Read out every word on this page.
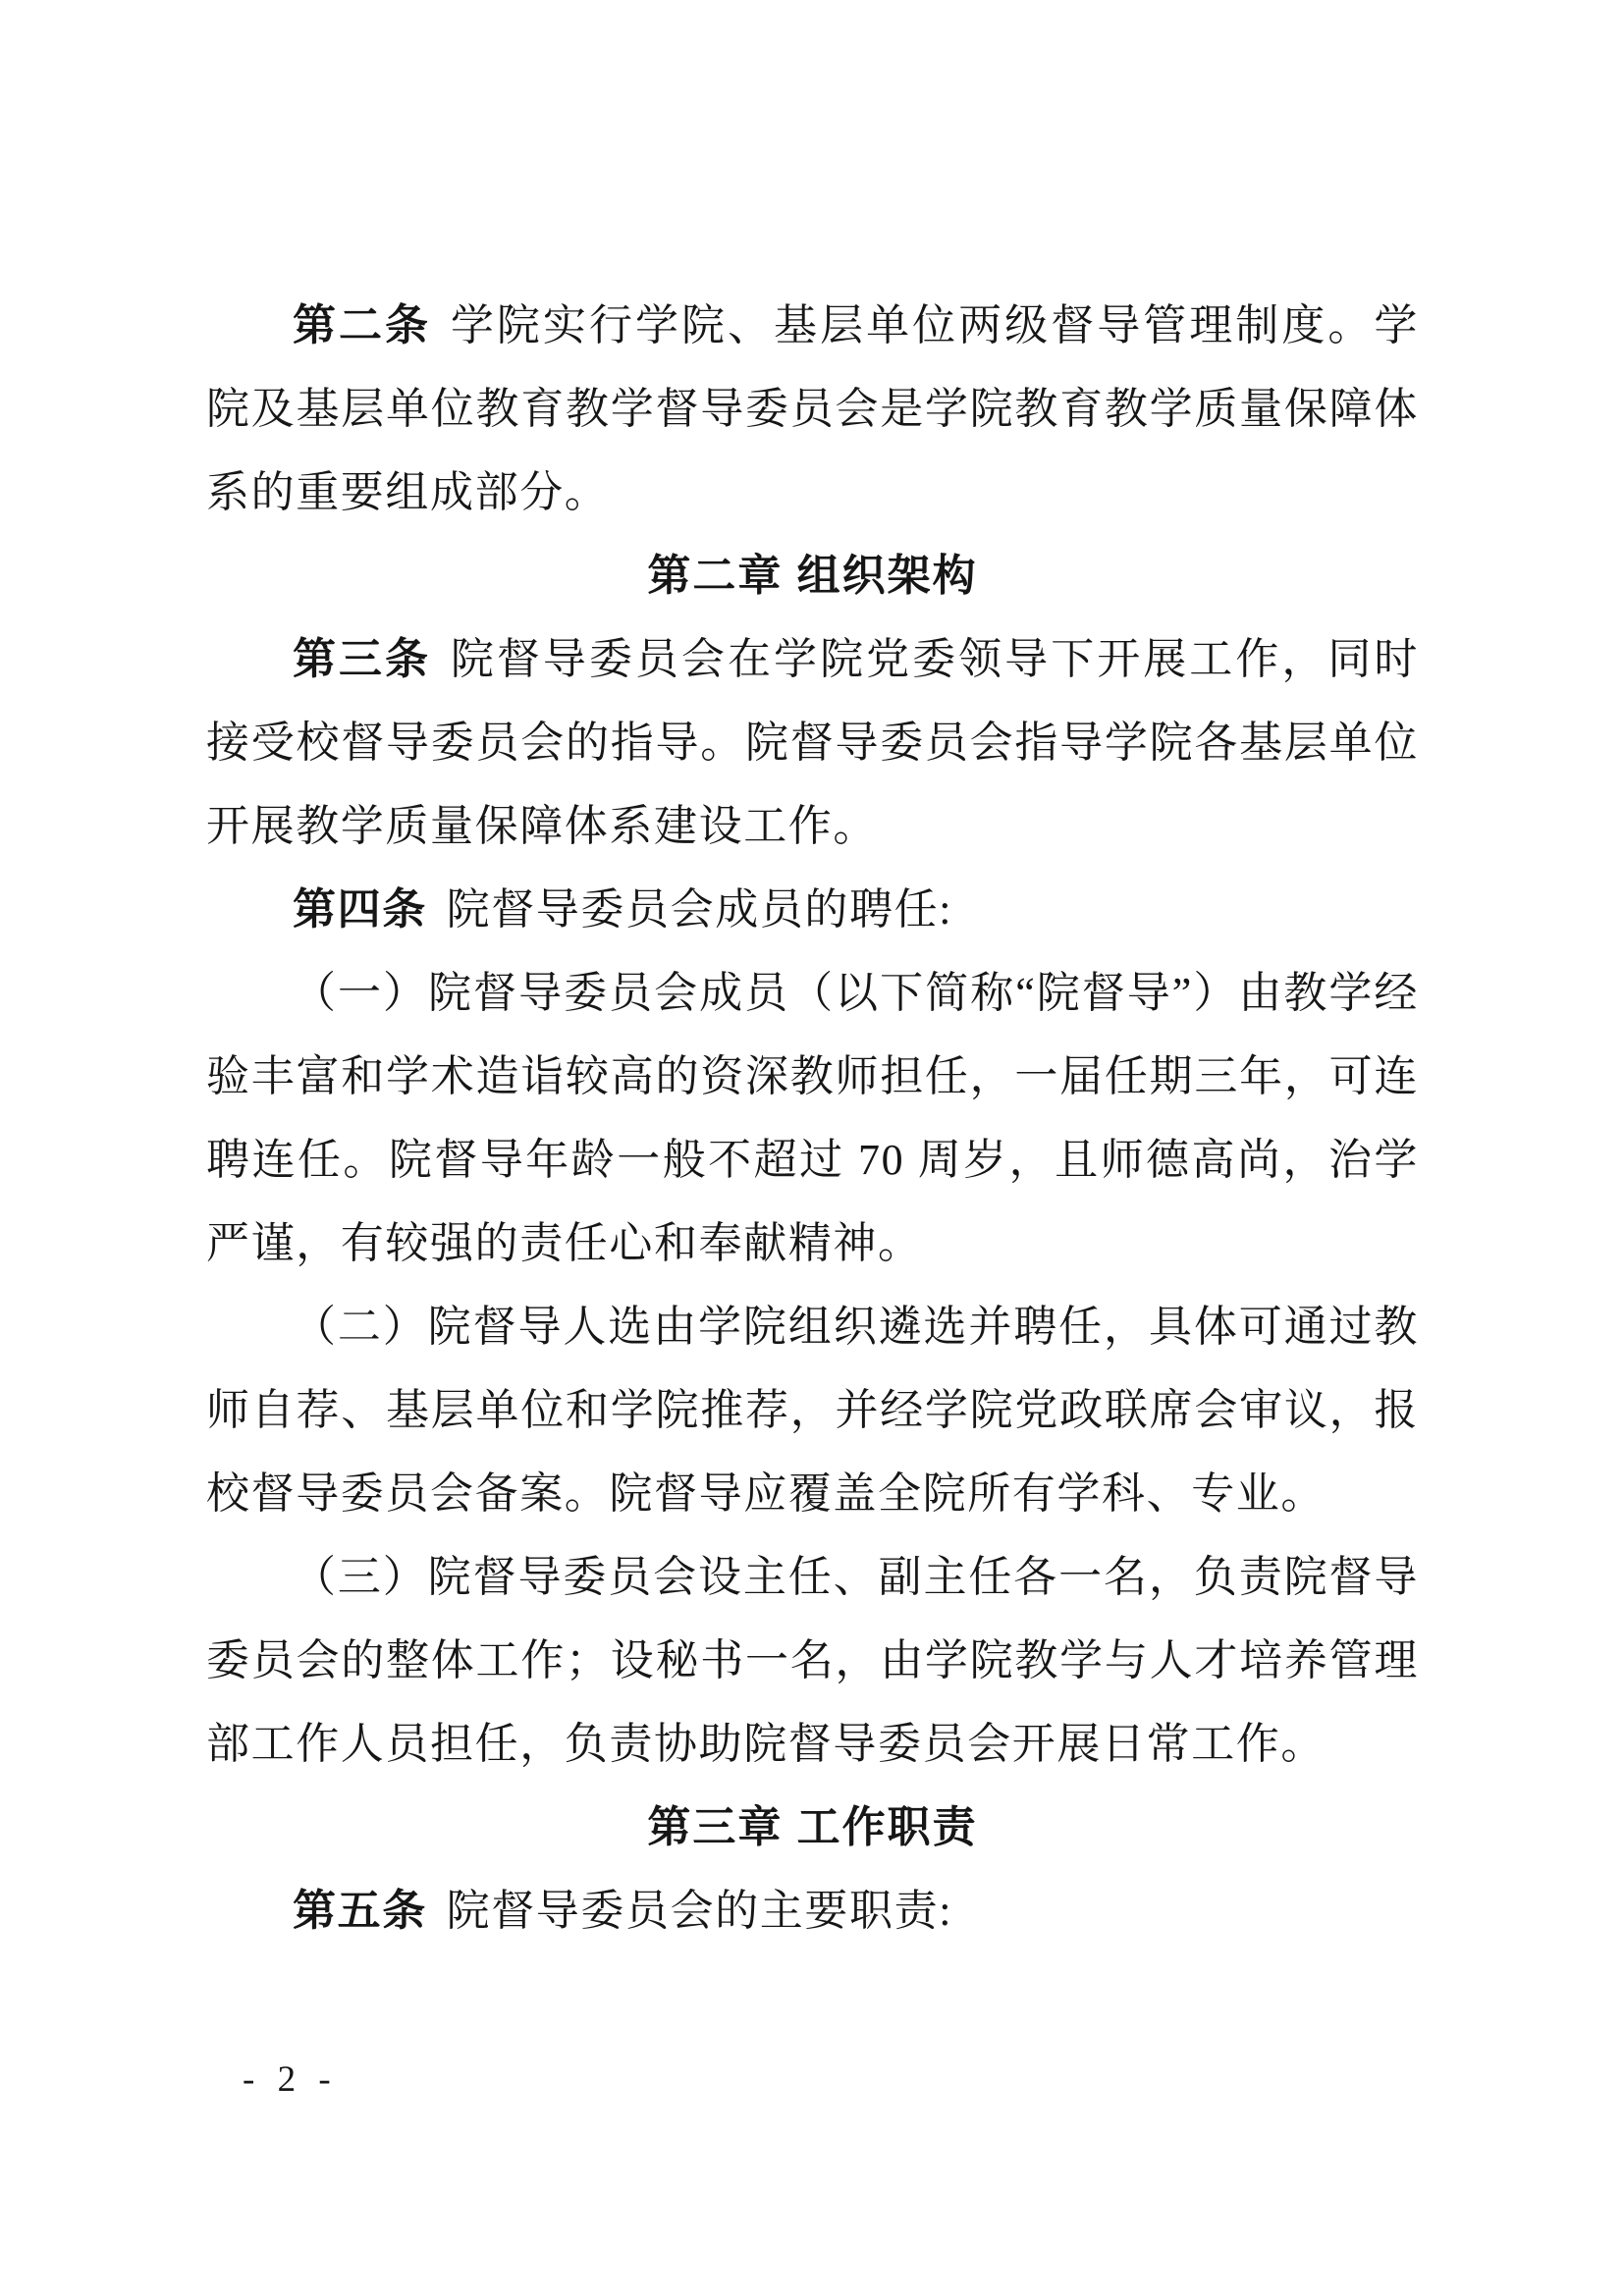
第二条 学院实行学院、基层单位两级督导管理制度。学院及基层单位教育教学督导委员会是学院教育教学质量保障体系的重要组成部分。

第二章 组织架构

第三条 院督导委员会在学院党委领导下开展工作，同时接受校督导委员会的指导。院督导委员会指导学院各基层单位开展教学质量保障体系建设工作。

第四条 院督导委员会成员的聘任:

（一）院督导委员会成员（以下简称“院督导”）由教学经验丰富和学术造诣较高的资深教师担任，一届任期三年，可连聘连任。院督导年龄一般不超过 70 周岁，且师德高尚，治学严谨，有较强的责任心和奉献精神。

（二）院督导人选由学院组织遴选并聘任，具体可通过教师自荐、基层单位和学院推荐，并经学院党政联席会审议，报校督导委员会备案。院督导应覆盖全院所有学科、专业。

（三）院督导委员会设主任、副主任各一名，负责院督导委员会的整体工作；设秘书一名，由学院教学与人才培养管理部工作人员担任，负责协助院督导委员会开展日常工作。

第三章 工作职责

第五条 院督导委员会的主要职责:

- 2 -
